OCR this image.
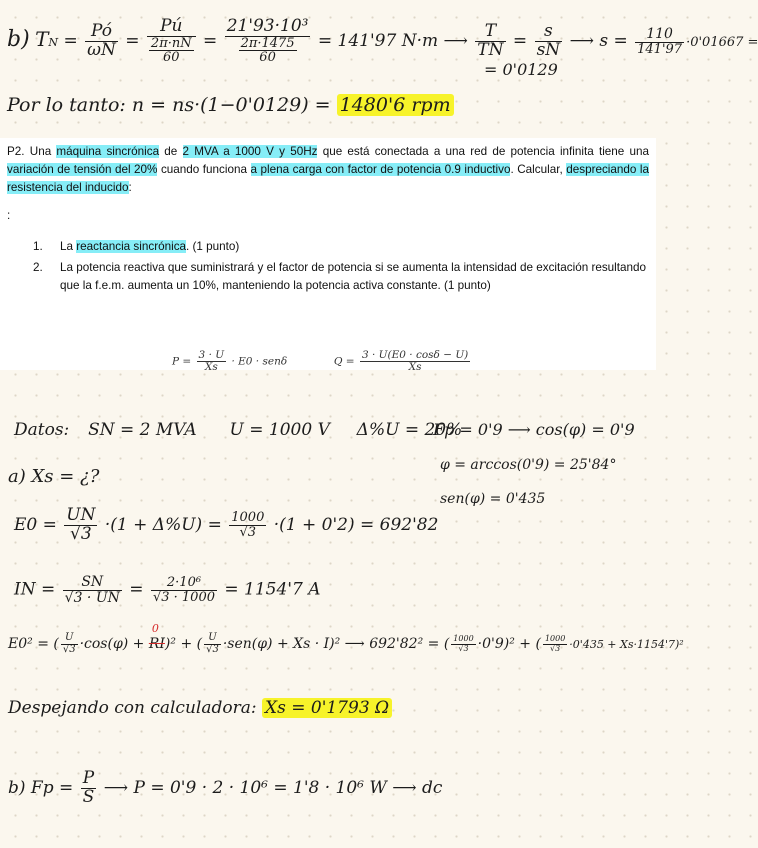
b) TN = $\frac{Pó}{\omega N} = \frac{Pú}{\frac{2\pi\cdot nN}{60}} = \frac{\text{21'93·10³}}{\frac{2\pi\cdot 1475}{60}} = 141'97$ N·m ⟶ $\frac{T}{TN} = \frac{s}{sN}$ ⟶ $s = \frac{110}{141'97} \cdot 0'01667$ =
= 0'0129
Por lo tanto: n = ns·(1−0'0129) = 1480'6 rpm
P2. Una máquina sincrónica de 2 MVA a 1000 V y 50Hz que está conectada a una red de potencia infinita tiene una variación de tensión del 20% cuando funciona a plena carga con factor de potencia 0.9 inductivo. Calcular, despreciando la resistencia del inducido:
:
1. La reactancia sincrónica. (1 punto)
2. La potencia reactiva que suministrará y el factor de potencia si se aumenta la intensidad de excitación resultando que la f.e.m. aumenta un 10%, manteniendo la potencia activa constante. (1 punto)
$P = \frac{3 \cdot U}{Xs} \cdot E0 \cdot sen\delta$	$Q = \frac{3 \cdot U(E0 \cdot \cos\delta - U)}{Xs}$
Datos: SN = 2 MVA U = 1000 V Δ%U = 20%
Fp = 0'9 ⟶ cos(φ) = 0'9
φ = arccos(0'9) = 25'84°
sen(φ) = 0'435
a) Xs = ¿?
$E0 = \frac{UN}{√3} \cdot(1 + \Delta\%U) = \frac{1000}{√3} \cdot(1 + 0'2) = 692'82$
IN = $\frac{SN}{√3 \cdot UN} = \frac{\text{2·10⁶}}{√3 \cdot 1000} = 1154'7$ A
E0² = ( $\frac{U}{√3} \cdot\cos(\varphi)$ +
0
RI)² + ( $\frac{U}{√3} \cdot sen(\varphi) + Xs \cdot I)^2$ ⟶ 692'82² = ( $\frac{1000}{√3} \cdot 0'9)^2$ + ( $\frac{1000}{√3} \cdot 0'435 + Xs\cdot 1154'7)^2$
Despejando con calculadora: Xs = 0'1793 Ω
b) $Fp = \frac{P}{S}$ ⟶ P = 0'9 · 2 · 10⁶ = 1'8 · 10⁶ W ⟶ dc
